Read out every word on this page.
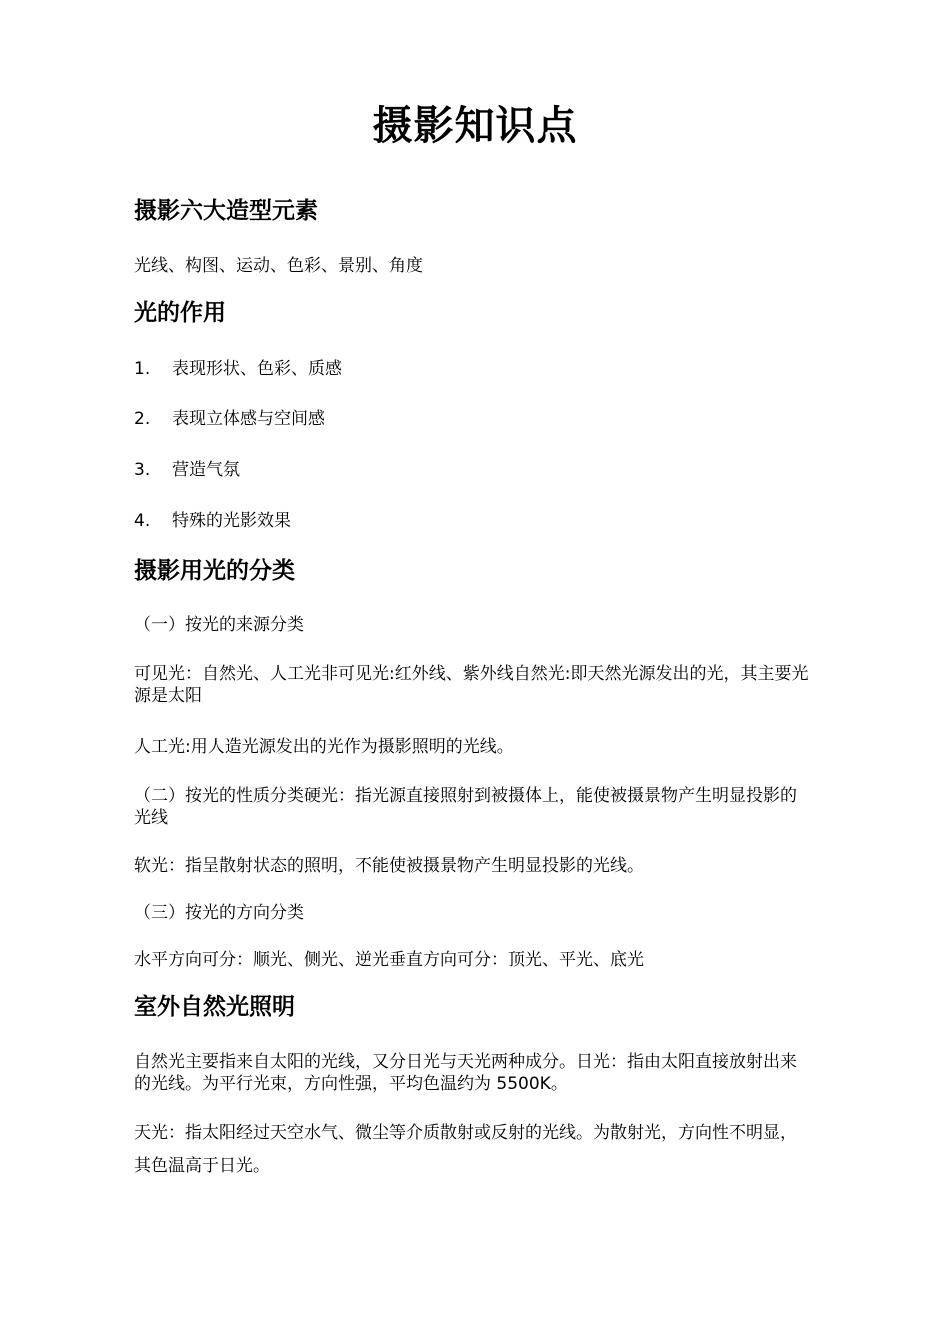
摄影知识点
摄影六大造型元素
光线、构图、运动、色彩、景别、角度
光的作用
1. 表现形状、色彩、质感
2. 表现立体感与空间感
3. 营造气氛
4. 特殊的光影效果
摄影用光的分类
（一）按光的来源分类
可见光：自然光、人工光非可见光:红外线、紫外线自然光:即天然光源发出的光，其主要光源是太阳
人工光:用人造光源发出的光作为摄影照明的光线。
（二）按光的性质分类硬光：指光源直接照射到被摄体上，能使被摄景物产生明显投影的光线
软光：指呈散射状态的照明，不能使被摄景物产生明显投影的光线。
（三）按光的方向分类
水平方向可分：顺光、侧光、逆光垂直方向可分：顶光、平光、底光
室外自然光照明
自然光主要指来自太阳的光线，又分日光与天光两种成分。日光：指由太阳直接放射出来的光线。为平行光束，方向性强，平均色温约为 5500K。
天光：指太阳经过天空水气、微尘等介质散射或反射的光线。为散射光，方向性不明显，其色温高于日光。
